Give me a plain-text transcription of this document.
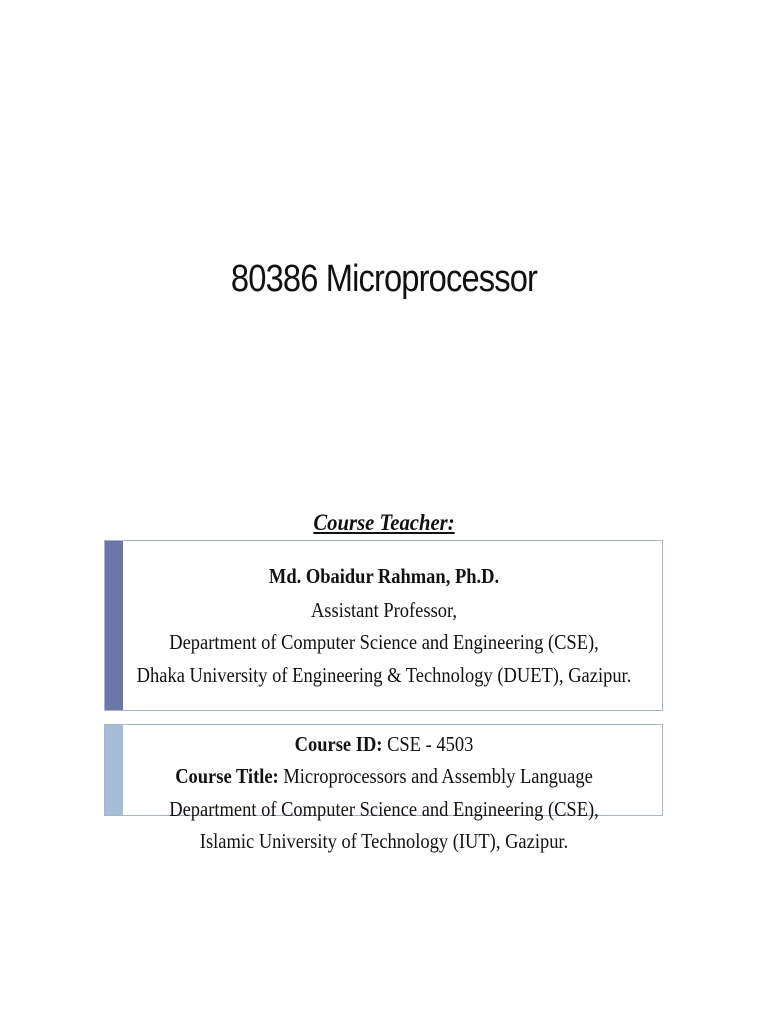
80386 Microprocessor
Course Teacher:
Md. Obaidur Rahman, Ph.D.
Assistant Professor,
Department of Computer Science and Engineering (CSE),
Dhaka University of Engineering & Technology (DUET), Gazipur.
Course ID: CSE - 4503
Course Title: Microprocessors and Assembly Language
Department of Computer Science and Engineering (CSE),
Islamic University of Technology (IUT), Gazipur.
